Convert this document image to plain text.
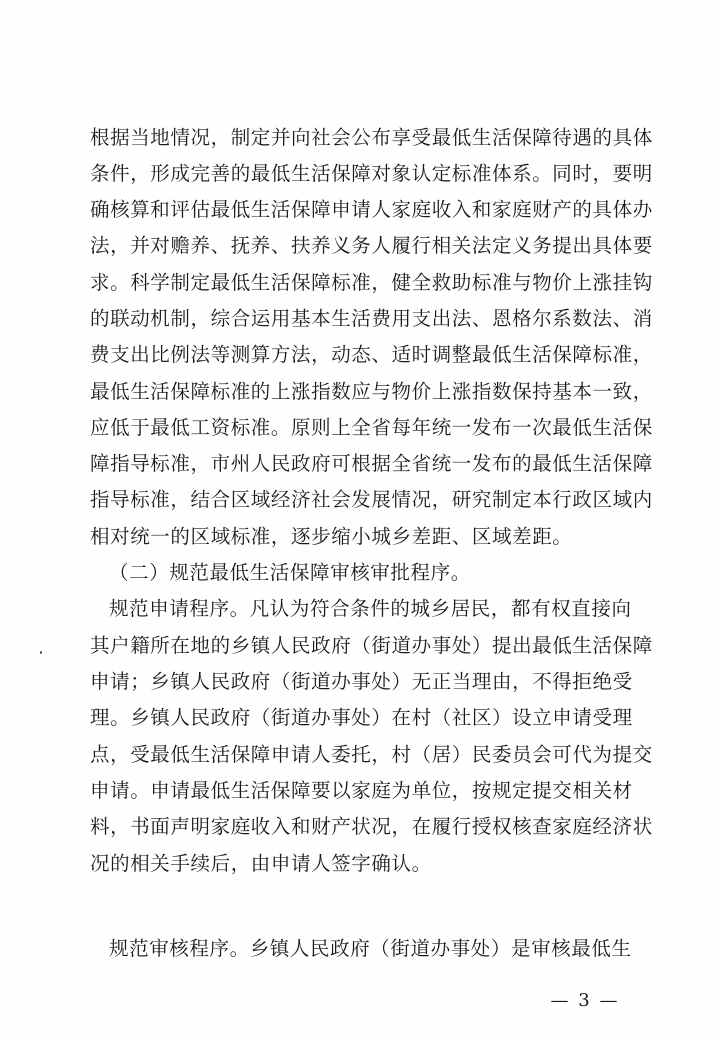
根据当地情况，制定并向社会公布享受最低生活保障待遇的具体
条件，形成完善的最低生活保障对象认定标准体系。同时，要明
确核算和评估最低生活保障申请人家庭收入和家庭财产的具体办
法，并对赡养、抚养、扶养义务人履行相关法定义务提出具体要
求。科学制定最低生活保障标准，健全救助标准与物价上涨挂钩
的联动机制，综合运用基本生活费用支出法、恩格尔系数法、消
费支出比例法等测算方法，动态、适时调整最低生活保障标准，
最低生活保障标准的上涨指数应与物价上涨指数保持基本一致，
应低于最低工资标准。原则上全省每年统一发布一次最低生活保
障指导标准，市州人民政府可根据全省统一发布的最低生活保障
指导标准，结合区域经济社会发展情况，研究制定本行政区域内
相对统一的区域标准，逐步缩小城乡差距、区域差距。
（二）规范最低生活保障审核审批程序。
规范申请程序。凡认为符合条件的城乡居民，都有权直接向
其户籍所在地的乡镇人民政府（街道办事处）提出最低生活保障
申请；乡镇人民政府（街道办事处）无正当理由，不得拒绝受
理。乡镇人民政府（街道办事处）在村（社区）设立申请受理
点，受最低生活保障申请人委托，村（居）民委员会可代为提交
申请。申请最低生活保障要以家庭为单位，按规定提交相关材
料，书面声明家庭收入和财产状况，在履行授权核查家庭经济状
况的相关手续后，由申请人签字确认。
规范审核程序。乡镇人民政府（街道办事处）是审核最低生
— 3 —
